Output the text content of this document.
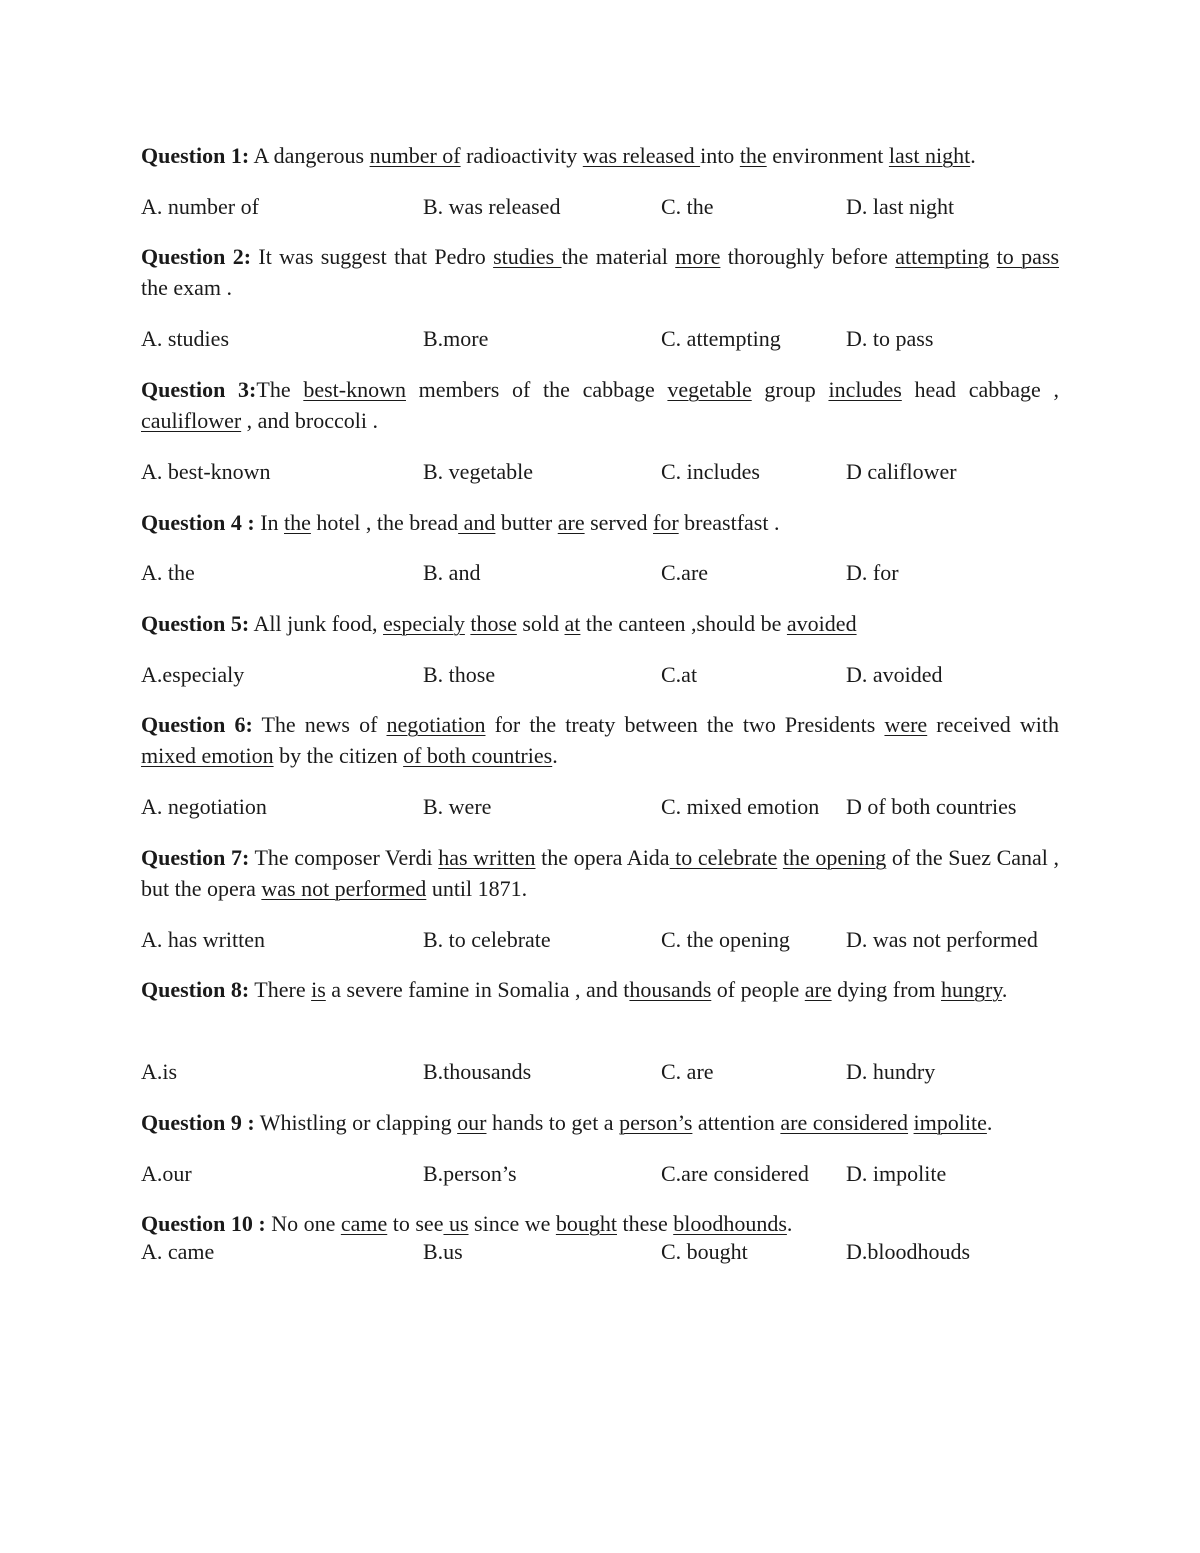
Question 1: A dangerous number of radioactivity was released into the environment last night.
A. number of	B. was released	C. the	D. last night
Question 2: It was suggest that Pedro studies the material more thoroughly before attempting to pass the exam .
A. studies	B.more	C. attempting	D. to pass
Question 3:The best-known members of the cabbage vegetable group includes head cabbage , cauliflower , and broccoli .
A. best-known	B. vegetable	C. includes	D califlower
Question 4 : In the hotel , the bread and butter are served for breastfast .
A. the	B. and	C.are	D. for
Question 5: All junk food, especialy those sold at the canteen ,should be avoided
A.especialy	B. those	C.at	D. avoided
Question 6: The news of negotiation for the treaty between the two Presidents were received with mixed emotion by the citizen of both countries.
A. negotiation	B. were	C. mixed emotion D of both countries
Question 7: The composer Verdi has written the opera Aida to celebrate the opening of the Suez Canal , but the opera was not performed until 1871.
A. has written	B. to celebrate	C. the opening	D. was not performed
Question 8: There is a severe famine in Somalia , and thousands of people are dying from hungry.
A.is	B.thousands	C. are	D. hundry
Question 9 : Whistling or clapping our hands to get a person’s attention are considered impolite.
A.our	B.person’s	C.are considered D. impolite
Question 10 : No one came to see us since we bought these bloodhounds.
A. came	B.us	C. bought	D.bloodhouds
